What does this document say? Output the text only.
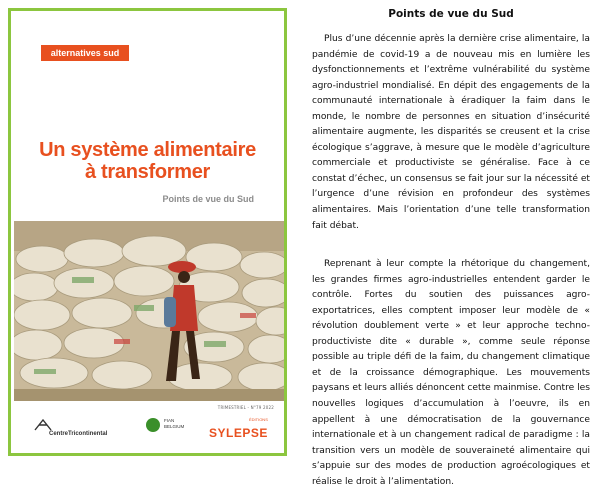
alternatives sud
Un système alimentaire
à transformer
Points de vue du Sud
TRIMESTRIEL - N°79 2022
CentreTricontinental
FIAN
BELGIUM
ÉDITIONS
SYLEPSE
Points de vue du Sud

Plus d’une décennie après la dernière crise alimentaire, la pandémie de covid-19 a de nouveau mis en lumière les dysfonctionnements et l’extrême vulnérabilité du système agro-industriel mondialisé. En dépit des engagements de la communauté internationale à éradiquer la faim dans le monde, le nombre de personnes en situation d’insécurité alimentaire augmente, les disparités se creusent et la crise écologique s’aggrave, à mesure que le modèle d’agriculture commerciale et productiviste se généralise. Face à ce constat d’échec, un consensus se fait jour sur la nécessité et l’urgence d’une révision en profondeur des systèmes alimentaires. Mais l’orientation d’une telle transformation fait débat.

Reprenant à leur compte la rhétorique du changement, les grandes firmes agro-industrielles entendent garder le contrôle. Fortes du soutien des puissances agro-exportatrices, elles comptent imposer leur modèle de « révolution doublement verte » et leur approche techno-productiviste dite « durable », comme seule réponse possible au triple défi de la faim, du changement climatique et de la croissance démographique. Les mouvements paysans et leurs alliés dénoncent cette mainmise. Contre les nouvelles logiques d’accumulation à l’oeuvre, ils en appellent à une démocratisation de la gouvernance internationale et à un changement radical de paradigme : la transition vers un modèle de souveraineté alimentaire qui s’appuie sur des modes de production agroécologiques et réalise le droit à l’alimentation.
